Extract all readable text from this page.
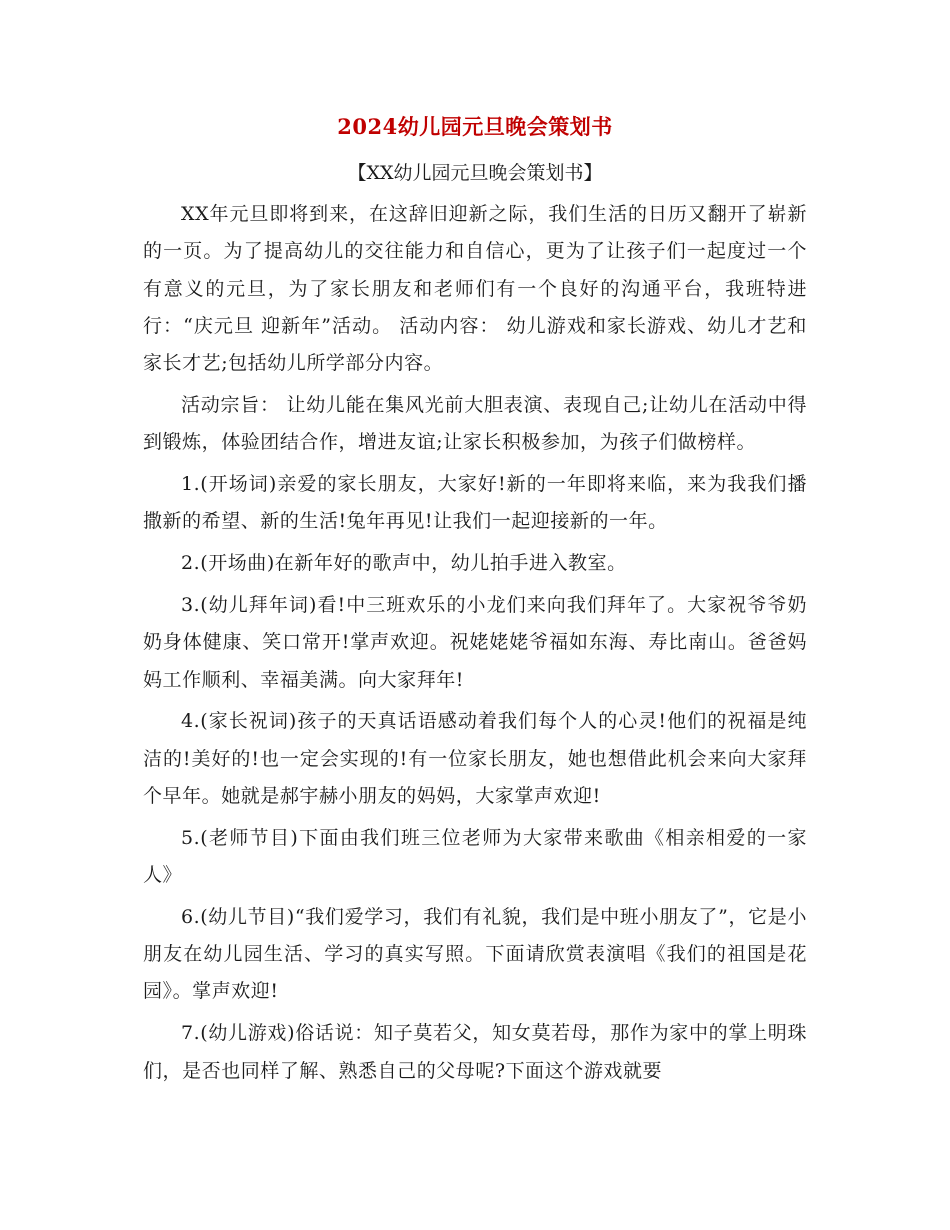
2024幼儿园元旦晚会策划书

【XX幼儿园元旦晚会策划书】

XX年元旦即将到来，在这辞旧迎新之际，我们生活的日历又翻开了崭新的一页。为了提高幼儿的交往能力和自信心，更为了让孩子们一起度过一个有意义的元旦，为了家长朋友和老师们有一个良好的沟通平台，我班特进行：“庆元旦 迎新年”活动。 活动内容： 幼儿游戏和家长游戏、幼儿才艺和家长才艺;包括幼儿所学部分内容。

活动宗旨： 让幼儿能在集风光前大胆表演、表现自己;让幼儿在活动中得到锻炼，体验团结合作，增进友谊;让家长积极参加，为孩子们做榜样。

1.(开场词)亲爱的家长朋友，大家好!新的一年即将来临，来为我我们播撒新的希望、新的生活!兔年再见!让我们一起迎接新的一年。

2.(开场曲)在新年好的歌声中，幼儿拍手进入教室。

3.(幼儿拜年词)看!中三班欢乐的小龙们来向我们拜年了。大家祝爷爷奶奶身体健康、笑口常开!掌声欢迎。祝姥姥姥爷福如东海、寿比南山。爸爸妈妈工作顺利、幸福美满。向大家拜年!

4.(家长祝词)孩子的天真话语感动着我们每个人的心灵!他们的祝福是纯洁的!美好的!也一定会实现的!有一位家长朋友，她也想借此机会来向大家拜个早年。她就是郝宇赫小朋友的妈妈，大家掌声欢迎!

5.(老师节目)下面由我们班三位老师为大家带来歌曲《相亲相爱的一家人》

6.(幼儿节目)“我们爱学习，我们有礼貌，我们是中班小朋友了”，它是小朋友在幼儿园生活、学习的真实写照。下面请欣赏表演唱《我们的祖国是花园》。掌声欢迎!

7.(幼儿游戏)俗话说：知子莫若父，知女莫若母，那作为家中的掌上明珠们，是否也同样了解、熟悉自己的父母呢?下面这个游戏就要
